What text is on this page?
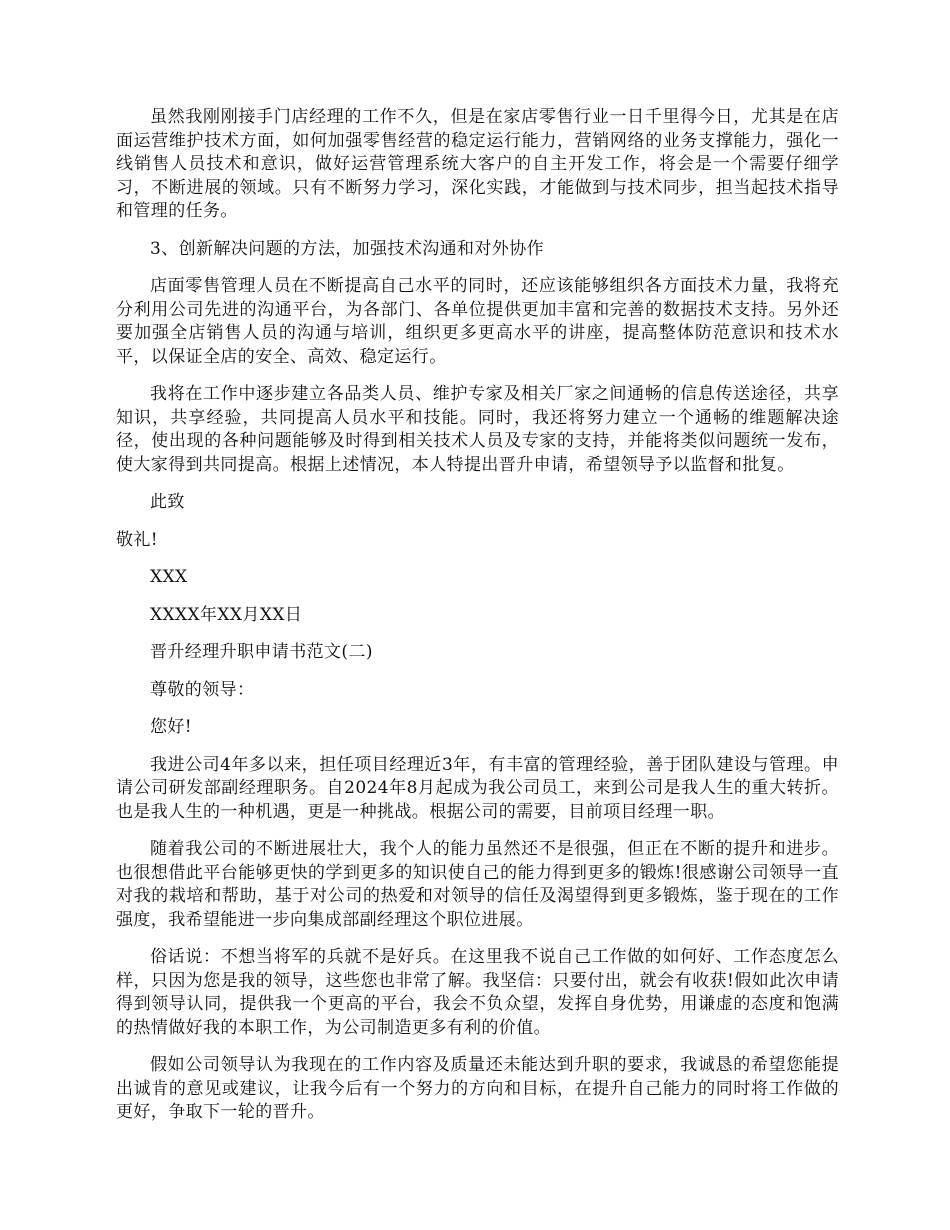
虽然我刚刚接手门店经理的工作不久，但是在家店零售行业一日千里得今日，尤其是在店面运营维护技术方面，如何加强零售经营的稳定运行能力，营销网络的业务支撑能力，强化一线销售人员技术和意识，做好运营管理系统大客户的自主开发工作，将会是一个需要仔细学习，不断进展的领域。只有不断努力学习，深化实践，才能做到与技术同步，担当起技术指导和管理的任务。

3、创新解决问题的方法，加强技术沟通和对外协作

店面零售管理人员在不断提高自己水平的同时，还应该能够组织各方面技术力量，我将充分利用公司先进的沟通平台，为各部门、各单位提供更加丰富和完善的数据技术支持。另外还要加强全店销售人员的沟通与培训，组织更多更高水平的讲座，提高整体防范意识和技术水平，以保证全店的安全、高效、稳定运行。

我将在工作中逐步建立各品类人员、维护专家及相关厂家之间通畅的信息传送途径，共享知识，共享经验，共同提高人员水平和技能。同时，我还将努力建立一个通畅的维题解决途径，使出现的各种问题能够及时得到相关技术人员及专家的支持，并能将类似问题统一发布，使大家得到共同提高。根据上述情况，本人特提出晋升申请，希望领导予以监督和批复。

此致

敬礼!

XXX

XXXX年XX月XX日

晋升经理升职申请书范文(二)

尊敬的领导：

您好!

我进公司4年多以来，担任项目经理近3年，有丰富的管理经验，善于团队建设与管理。申请公司研发部副经理职务。自2024年8月起成为我公司员工，来到公司是我人生的重大转折。也是我人生的一种机遇，更是一种挑战。根据公司的需要，目前项目经理一职。

随着我公司的不断进展壮大，我个人的能力虽然还不是很强，但正在不断的提升和进步。也很想借此平台能够更快的学到更多的知识使自己的能力得到更多的锻炼!很感谢公司领导一直对我的栽培和帮助，基于对公司的热爱和对领导的信任及渴望得到更多锻炼，鉴于现在的工作强度，我希望能进一步向集成部副经理这个职位进展。

俗话说：不想当将军的兵就不是好兵。在这里我不说自己工作做的如何好、工作态度怎么样，只因为您是我的领导，这些您也非常了解。我坚信：只要付出，就会有收获!假如此次申请得到领导认同，提供我一个更高的平台，我会不负众望，发挥自身优势，用谦虚的态度和饱满的热情做好我的本职工作，为公司制造更多有利的价值。

假如公司领导认为我现在的工作内容及质量还未能达到升职的要求，我诚恳的希望您能提出诚肯的意见或建议，让我今后有一个努力的方向和目标，在提升自己能力的同时将工作做的更好，争取下一轮的晋升。
